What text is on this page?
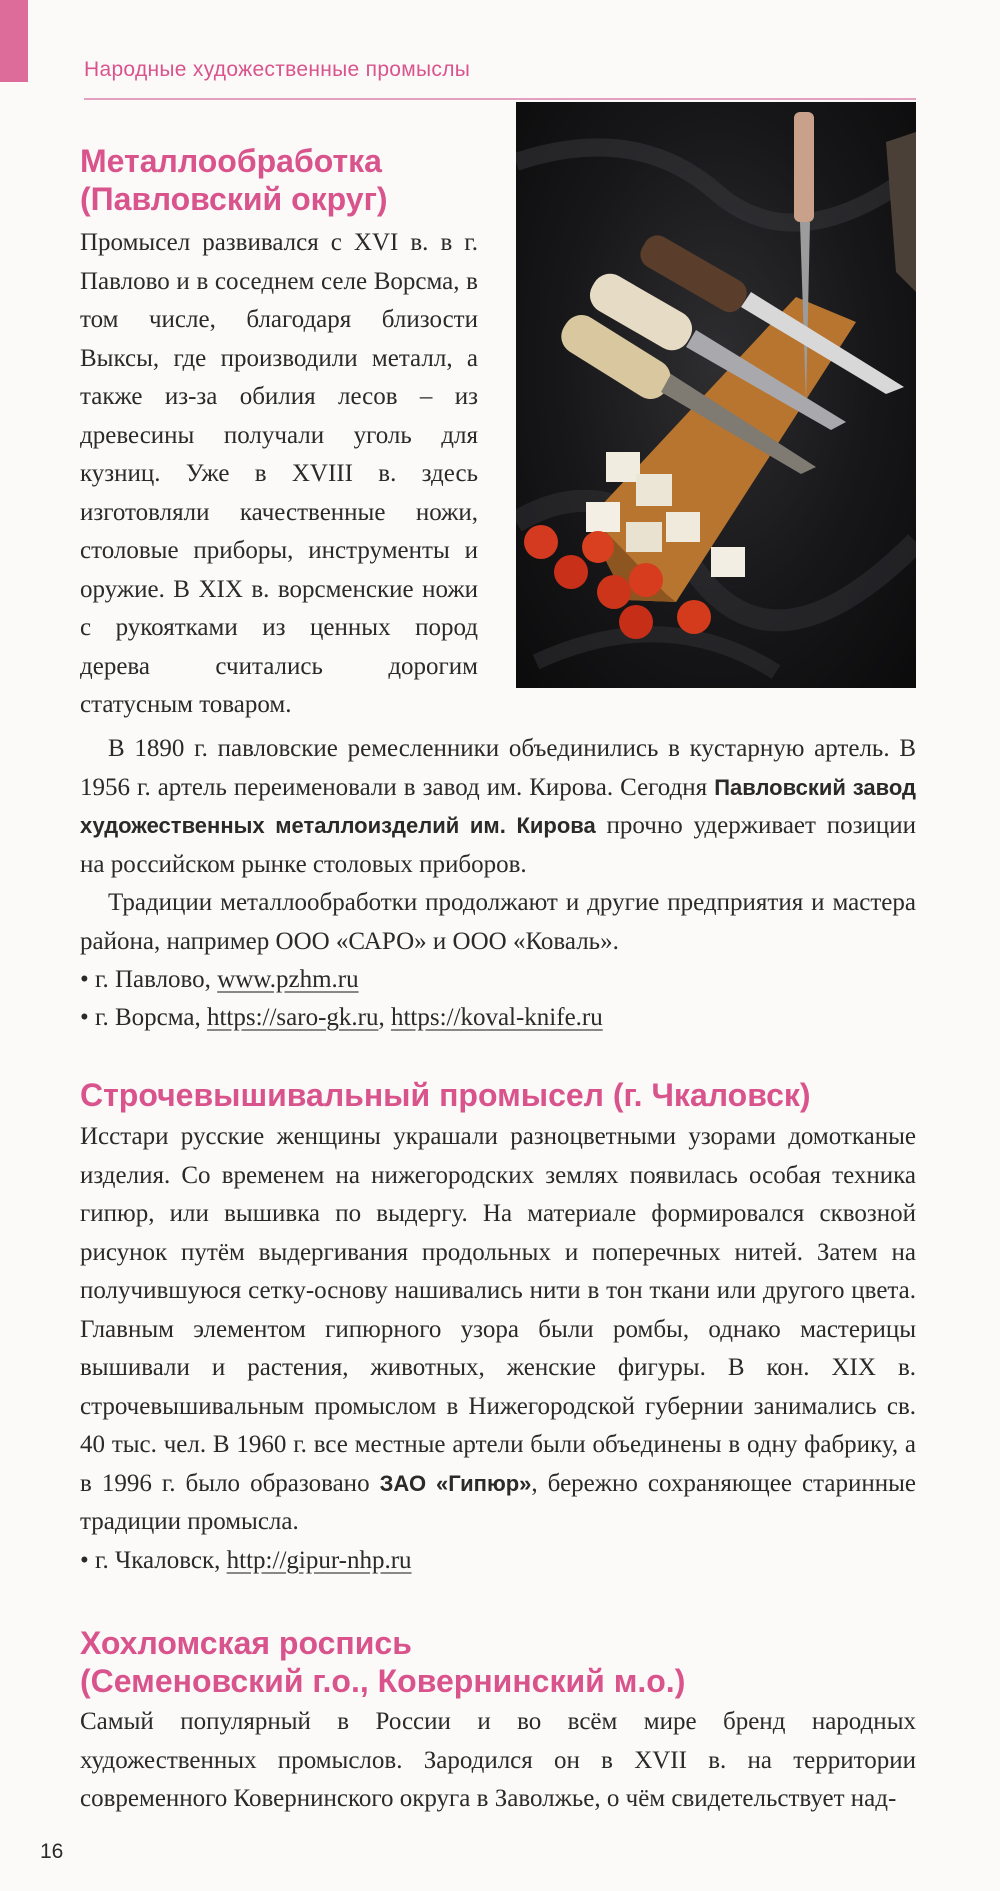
Народные художественные промыслы
Металлообработка
(Павловский округ)

Промысел развивался с XVI в. в г. Павлово и в соседнем селе Ворсма, в том числе, благодаря близости Выксы, где производили металл, а также из-за обилия лесов – из древесины получали уголь для кузниц. Уже в XVIII в. здесь изготовляли качественные ножи, столовые приборы, инструменты и оружие. В XIX в. ворсменские ножи с рукоятками из ценных пород дерева считались дорогим статусным товаром.

В 1890 г. павловские ремесленники объединились в кустарную артель. В 1956 г. артель переименовали в завод им. Кирова. Сегодня Павловский завод художественных металлоизделий им. Кирова прочно удерживает позиции на российском рынке столовых приборов.

Традиции металлообработки продолжают и другие предприятия и мастера района, например ООО «САРО» и ООО «Коваль».

• г. Павлово, www.pzhm.ru

• г. Ворсма, https://saro-gk.ru, https://koval-knife.ru

Строчевышивальный промысел (г. Чкаловск)

Исстари русские женщины украшали разноцветными узорами домотканые изделия. Со временем на нижегородских землях появилась особая техника гипюр, или вышивка по выдергу. На материале формировался сквозной рисунок путём выдергивания продольных и поперечных нитей. Затем на получившуюся сетку-основу нашивались нити в тон ткани или другого цвета. Главным элементом гипюрного узора были ромбы, однако мастерицы вышивали и растения, животных, женские фигуры. В кон. XIX в. строчевышивальным промыслом в Нижегородской губернии занимались св. 40 тыс. чел. В 1960 г. все местные артели были объединены в одну фабрику, а в 1996 г. было образовано ЗАО «Гипюр», бережно сохраняющее старинные традиции промысла.

• г. Чкаловск, http://gipur-nhp.ru

Хохломская роспись
(Семеновский г.о., Ковернинский м.о.)

Самый популярный в России и во всём мире бренд народных художественных промыслов. Зародился он в XVII в. на территории современного Ковернинского округа в Заволжье, о чём свидетельствует над-

16
